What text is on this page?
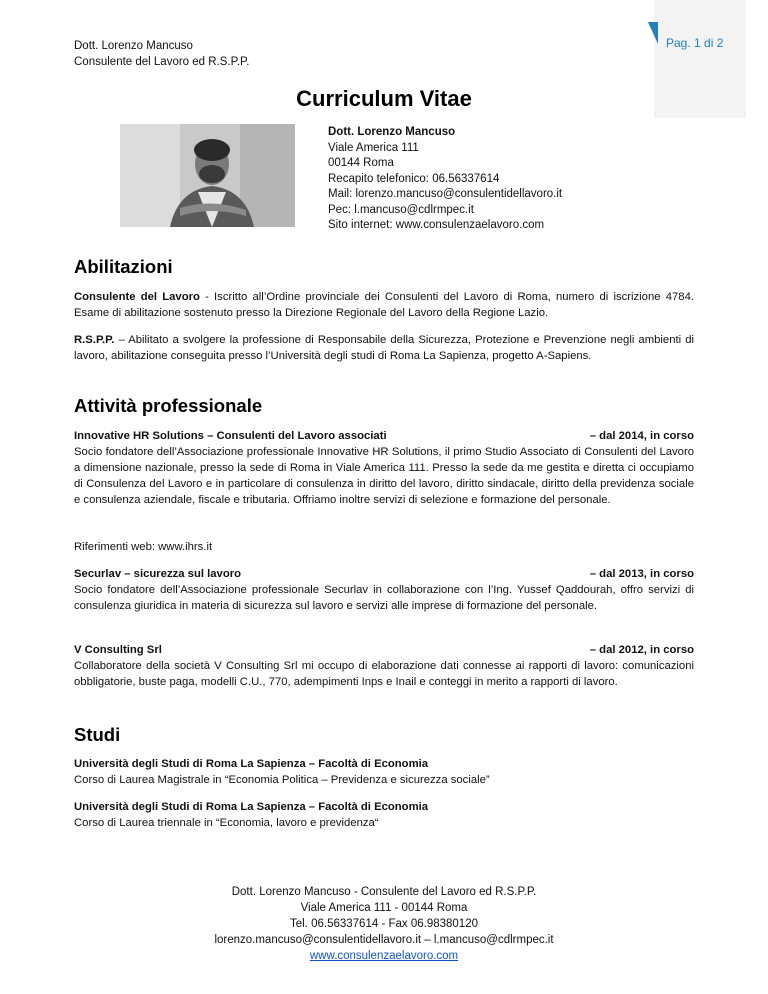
Dott. Lorenzo Mancuso
Consulente del Lavoro ed R.S.P.P.
Pag. 1 di 2
Curriculum Vitae
Dott. Lorenzo Mancuso
Viale America 111
00144 Roma
Recapito telefonico: 06.56337614
Mail: lorenzo.mancuso@consulentidellavoro.it
Pec: l.mancuso@cdlrmpec.it
Sito internet: www.consulenzaelavoro.com
Abilitazioni

Consulente del Lavoro - Iscritto all’Ordine provinciale dei Consulenti del Lavoro di Roma, numero di iscrizione 4784. Esame di abilitazione sostenuto presso la Direzione Regionale del Lavoro della Regione Lazio.

R.S.P.P. – Abilitato a svolgere la professione di Responsabile della Sicurezza, Protezione e Prevenzione negli ambienti di lavoro, abilitazione conseguita presso l’Università degli studi di Roma La Sapienza, progetto A-Sapiens.

Attività professionale
Innovative HR Solutions – Consulenti del Lavoro associati	– dal 2014, in corso

Socio fondatore dell’Associazione professionale Innovative HR Solutions, il primo Studio Associato di Consulenti del Lavoro a dimensione nazionale, presso la sede di Roma in Viale America 111. Presso la sede da me gestita e diretta ci occupiamo di Consulenza del Lavoro e in particolare di consulenza in diritto del lavoro, diritto sindacale, diritto della previdenza sociale e consulenza aziendale, fiscale e tributaria. Offriamo inoltre servizi di selezione e formazione del personale.

Riferimenti web: www.ihrs.it

Securlav – sicurezza sul lavoro	– dal 2013, in corso

Socio fondatore dell’Associazione professionale Securlav in collaborazione con l’Ing. Yussef Qaddourah, offro servizi di consulenza giuridica in materia di sicurezza sul lavoro e servizi alle imprese di formazione del personale.

V Consulting Srl	– dal 2012, in corso

Collaboratore della società V Consulting Srl mi occupo di elaborazione dati connesse ai rapporti di lavoro: comunicazioni obbligatorie, buste paga, modelli C.U., 770, adempimenti Inps e Inail e conteggi in merito a rapporti di lavoro.

Studi
Università degli Studi di Roma La Sapienza – Facoltà di Economia
Corso di Laurea Magistrale in “Economia Politica – Previdenza e sicurezza sociale”
Università degli Studi di Roma La Sapienza – Facoltà di Economia
Corso di Laurea triennale in “Economia, lavoro e previdenza“
Dott. Lorenzo Mancuso - Consulente del Lavoro ed R.S.P.P.
Viale America 111 - 00144 Roma
Tel. 06.56337614 - Fax 06.98380120
lorenzo.mancuso@consulentidellavoro.it – l.mancuso@cdlrmpec.it
www.consulenzaelavoro.com
